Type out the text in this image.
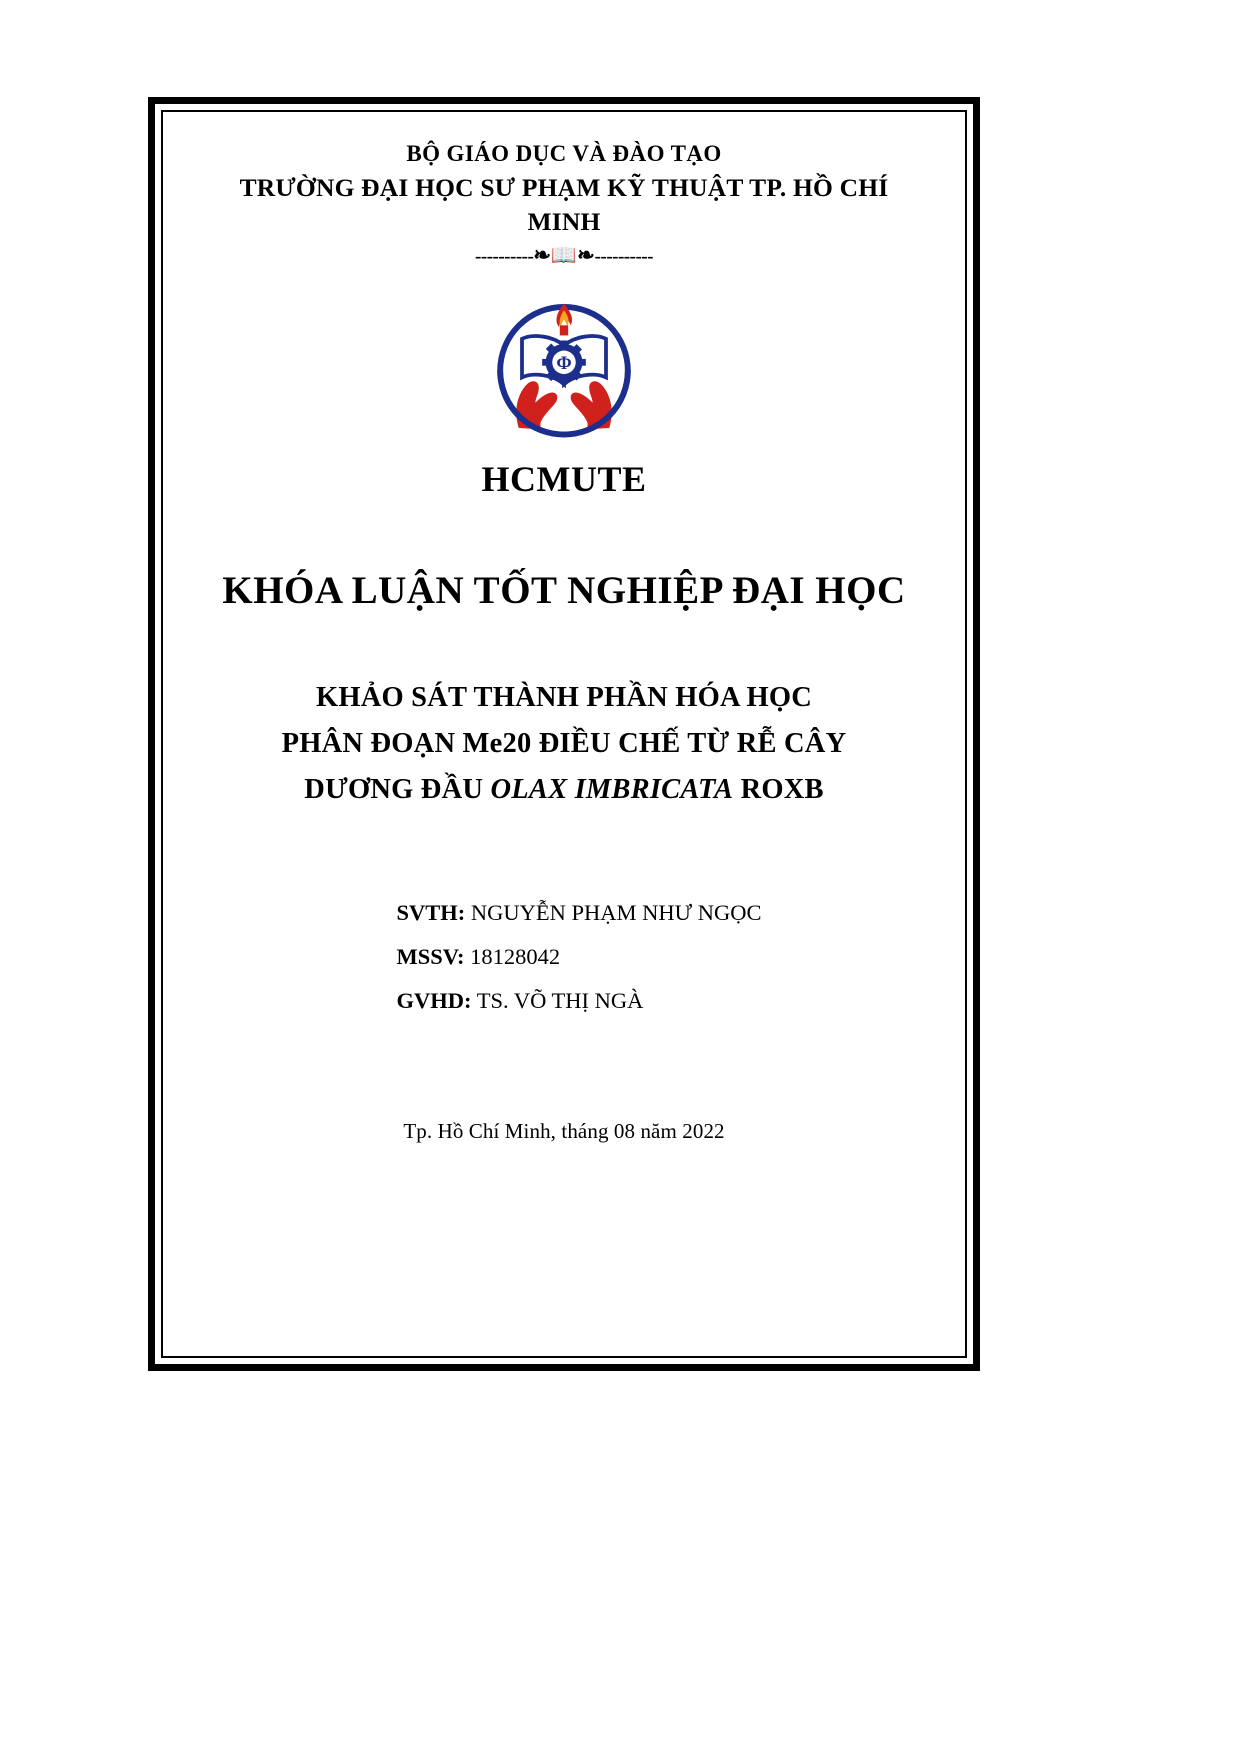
BỘ GIÁO DỤC VÀ ĐÀO TẠO
TRƯỜNG ĐẠI HỌC SƯ PHẠM KỸ THUẬT TP. HỒ CHÍ MINH
----------❧📖❧----------
Φ
HCMUTE
KHÓA LUẬN TỐT NGHIỆP ĐẠI HỌC
KHẢO SÁT THÀNH PHẦN HÓA HỌC
PHÂN ĐOẠN Me20 ĐIỀU CHẾ TỪ RỄ CÂY
DƯƠNG ĐẦU OLAX IMBRICATA ROXB
SVTH: NGUYỄN PHẠM NHƯ NGỌC
MSSV: 18128042
GVHD: TS. VÕ THỊ NGÀ
Tp. Hồ Chí Minh, tháng 08 năm 2022
